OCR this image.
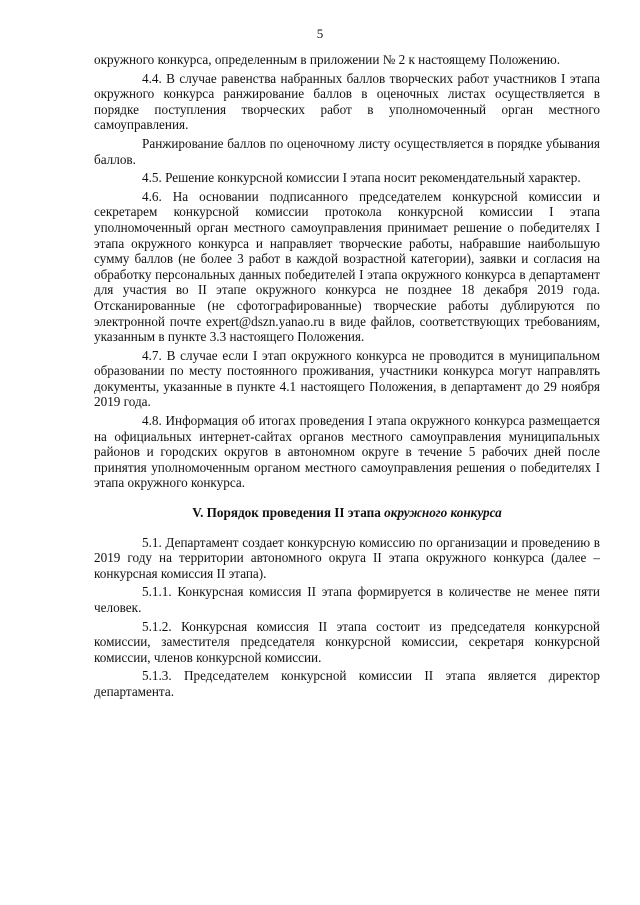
5

окружного конкурса, определенным в приложении № 2 к настоящему Положению.

4.4. В случае равенства набранных баллов творческих работ участников I этапа окружного конкурса ранжирование баллов в оценочных листах осуществляется в порядке поступления творческих работ в уполномоченный орган местного самоуправления.

Ранжирование баллов по оценочному листу осуществляется в порядке убывания баллов.

4.5. Решение конкурсной комиссии I этапа носит рекомендательный характер.

4.6. На основании подписанного председателем конкурсной комиссии и секретарем конкурсной комиссии протокола конкурсной комиссии I этапа уполномоченный орган местного самоуправления принимает решение о победителях I этапа окружного конкурса и направляет творческие работы, набравшие наибольшую сумму баллов (не более 3 работ в каждой возрастной категории), заявки и согласия на обработку персональных данных победителей I этапа окружного конкурса в департамент для участия во II этапе окружного конкурса не позднее 18 декабря 2019 года. Отсканированные (не сфотографированные) творческие работы дублируются по электронной почте expert@dszn.yanao.ru в виде файлов, соответствующих требованиям, указанным в пункте 3.3 настоящего Положения.

4.7. В случае если I этап окружного конкурса не проводится в муниципальном образовании по месту постоянного проживания, участники конкурса могут направлять документы, указанные в пункте 4.1 настоящего Положения, в департамент до 29 ноября 2019 года.

4.8. Информация об итогах проведения I этапа окружного конкурса размещается на официальных интернет-сайтах органов местного самоуправления муниципальных районов и городских округов в автономном округе в течение 5 рабочих дней после принятия уполномоченным органом местного самоуправления решения о победителях I этапа окружного конкурса.

V. Порядок проведения II этапа окружного конкурса

5.1. Департамент создает конкурсную комиссию по организации и проведению в 2019 году на территории автономного округа II этапа окружного конкурса (далее – конкурсная комиссия II этапа).

5.1.1. Конкурсная комиссия II этапа формируется в количестве не менее пяти человек.

5.1.2. Конкурсная комиссия II этапа состоит из председателя конкурсной комиссии, заместителя председателя конкурсной комиссии, секретаря конкурсной комиссии, членов конкурсной комиссии.

5.1.3. Председателем конкурсной комиссии II этапа является директор департамента.
